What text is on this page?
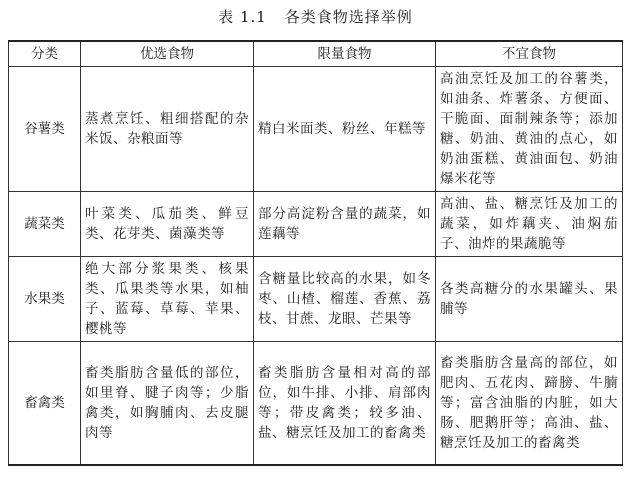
表 1.1 各类食物选择举例
分类	优选食物	限量食物	不宜食物
谷薯类	蒸煮烹饪、粗细搭配的杂米饭、杂粮面等	精白米面类、粉丝、年糕等	高油烹饪及加工的谷薯类，如油条、炸薯条、方便面、干脆面、面制辣条等；添加糖、奶油、黄油的点心，如奶油蛋糕、黄油面包、奶油爆米花等
蔬菜类	叶菜类、瓜茄类、鲜豆类、花芽类、菌藻类等	部分高淀粉含量的蔬菜，如莲藕等	高油、盐、糖烹饪及加工的蔬菜，如炸藕夹、油焖茄子、油炸的果蔬脆等
水果类	绝大部分浆果类、核果类、瓜果类等水果，如柚子、蓝莓、草莓、苹果、樱桃等	含糖量比较高的水果，如冬枣、山楂、榴莲、香蕉、荔枝、甘蔗、龙眼、芒果等	各类高糖分的水果罐头、果脯等
畜禽类	畜类脂肪含量低的部位，如里脊、腱子肉等；少脂禽类，如胸脯肉、去皮腿肉等	畜类脂肪含量相对高的部位，如牛排、小排、肩部肉等；带皮禽类；较多油、盐、糖烹饪及加工的畜禽类	畜类脂肪含量高的部位，如肥肉、五花肉、蹄膀、牛腩等；富含油脂的内脏，如大肠、肥鹅肝等；高油、盐、糖烹饪及加工的畜禽类
